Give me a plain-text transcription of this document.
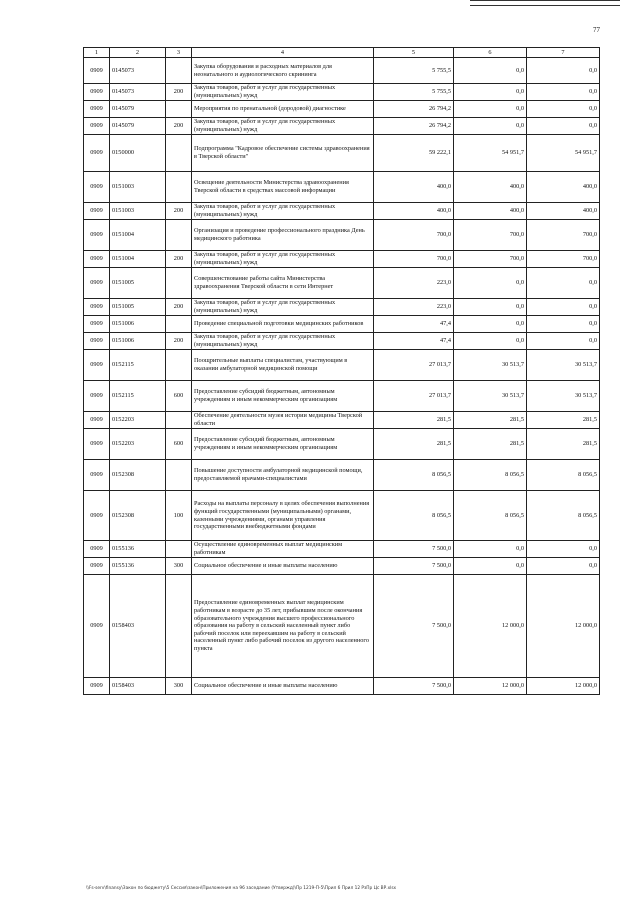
77
1	2	3	4	5	6	7
0909	0145073		Закупка оборудования и расходных материалов для неонатального и аудиологического скрининга	5 755,5	0,0	0,0
0909	0145073	200	Закупка товаров, работ и услуг для государственных (муниципальных) нужд	5 755,5	0,0	0,0
0909	0145079		Мероприятия по пренатальной (дородовой) диагностике	26 794,2	0,0	0,0
0909	0145079	200	Закупка товаров, работ и услуг для государственных (муниципальных) нужд	26 794,2	0,0	0,0
0909	0150000		Подпрограмма "Кадровое обеспечение системы здравоохранения в Тверской области"	59 222,1	54 951,7	54 951,7
0909	0151003		Освещение деятельности Министерства здравоохранения Тверской области в средствах массовой информации	400,0	400,0	400,0
0909	0151003	200	Закупка товаров, работ и услуг для государственных (муниципальных) нужд	400,0	400,0	400,0
0909	0151004		Организация и проведение профессионального праздника День медицинского работника	700,0	700,0	700,0
0909	0151004	200	Закупка товаров, работ и услуг для государственных (муниципальных) нужд	700,0	700,0	700,0
0909	0151005		Совершенствование работы сайта Министерства здравоохранения Тверской области в сети Интернет	223,0	0,0	0,0
0909	0151005	200	Закупка товаров, работ и услуг для государственных (муниципальных) нужд	223,0	0,0	0,0
0909	0151006		Проведение специальной подготовки медицинских работников	47,4	0,0	0,0
0909	0151006	200	Закупка товаров, работ и услуг для государственных (муниципальных) нужд	47,4	0,0	0,0
0909	0152115		Поощрительные выплаты специалистам, участвующим в оказании амбулаторной медицинской помощи	27 013,7	30 513,7	30 513,7
0909	0152115	600	Предоставление субсидий бюджетным, автономным учреждениям и иным некоммерческим организациям	27 013,7	30 513,7	30 513,7
0909	0152203		Обеспечение деятельности музея истории медицины Тверской области	281,5	281,5	281,5
0909	0152203	600	Предоставление субсидий бюджетным, автономным учреждениям и иным некоммерческим организациям	281,5	281,5	281,5
0909	0152308		Повышение доступности амбулаторной медицинской помощи, предоставляемой врачами-специалистами	8 056,5	8 056,5	8 056,5
0909	0152308	100	Расходы на выплаты персоналу в целях обеспечения выполнения функций государственными (муниципальными) органами, казенными учреждениями, органами управления государственными внебюджетными фондами	8 056,5	8 056,5	8 056,5
0909	0155136		Осуществление единовременных выплат медицинским работникам	7 500,0	0,0	0,0
0909	0155136	300	Социальное обеспечение и иные выплаты населению	7 500,0	0,0	0,0
0909	0158403		Предоставление единовременных выплат медицинским работникам в возрасте до 35 лет, прибывшим после окончания образовательного учреждения высшего профессионального образования на работу в сельский населенный пункт либо рабочий поселок или переехавшим на работу в сельский населенный пункт либо рабочий поселок из другого населенного пункта	7 500,0	12 000,0	12 000,0
0909	0158403	300	Социальное обеспечение и иные выплаты населению	7 500,0	12 000,0	12 000,0
\\Fs-serv\finansy\Закон по бюджету\5 Сессия\закон\Приложения на 96 заседание (Утвержд)\Пр 1219-П-5\Прил 6 Прил 12 РзПр Цс ВР.xlsx
